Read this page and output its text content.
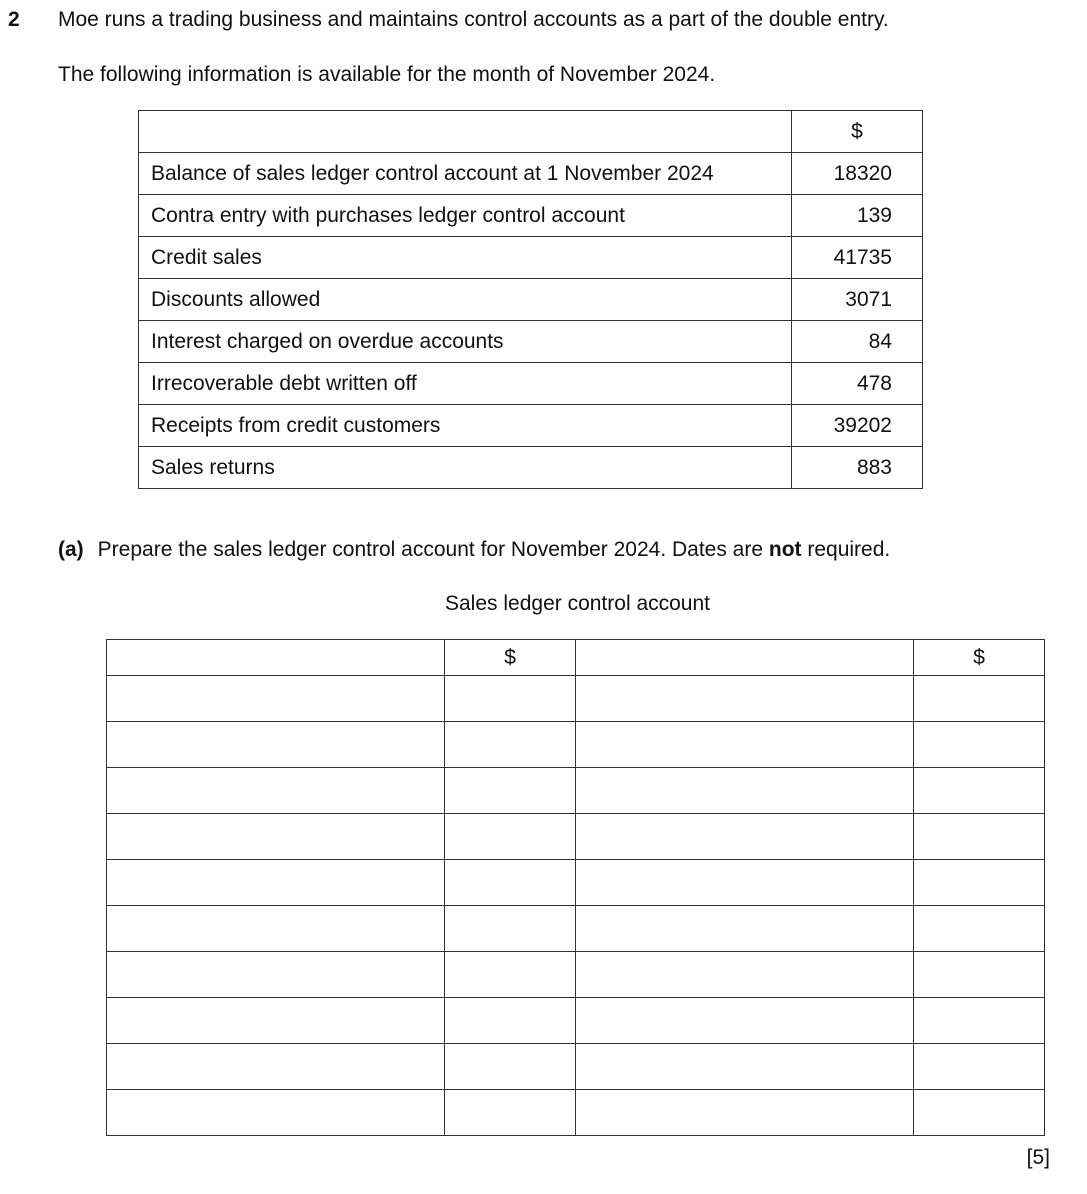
2 Moe runs a trading business and maintains control accounts as a part of the double entry.
The following information is available for the month of November 2024.
	$
Balance of sales ledger control account at 1 November 2024	18320
Contra entry with purchases ledger control account	139
Credit sales	41735
Discounts allowed	3071
Interest charged on overdue accounts	84
Irrecoverable debt written off	478
Receipts from credit customers	39202
Sales returns	883
(a) Prepare the sales ledger control account for November 2024. Dates are not required.
Sales ledger control account
	$		$

[5]
